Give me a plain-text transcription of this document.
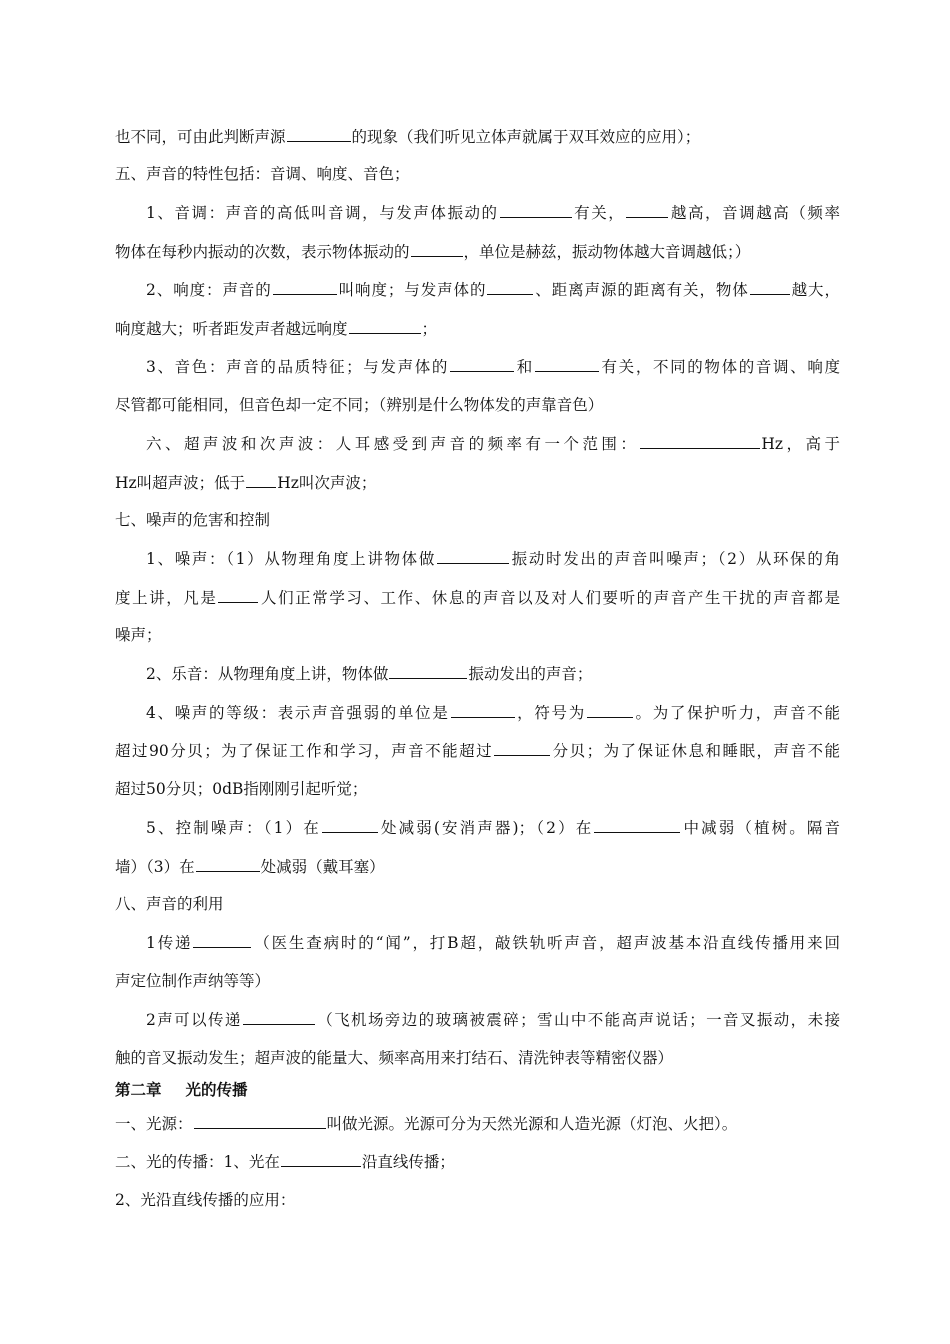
也不同，可由此判断声源	的现象（我们听见立体声就属于双耳效应的应用）；
五、声音的特性包括：音调、响度、音色；
1、音调：声音的高低叫音调，与发声体振动的	有关，	越高，音调越高（频率
物体在每秒内振动的次数，表示物体振动的	，单位是赫兹，振动物体越大音调越低；）
2、响度：声音的	叫响度；与发声体的	、距离声源的距离有关，物体	越大，
响度越大；听者距发声者越远响度	；
3、音色：声音的品质特征；与发声体的	和	有关，不同的物体的音调、响度
尽管都可能相同，但音色却一定不同；（辨别是什么物体发的声靠音色）
六、超声波和次声波：人耳感受到声音的频率有一个范围：	Hz，高于
Hz叫超声波；低于 Hz叫次声波；
七、噪声的危害和控制
1、噪声：（1）从物理角度上讲物体做	振动时发出的声音叫噪声；（2）从环保的角
度上讲，凡是	人们正常学习、工作、休息的声音以及对人们要听的声音产生干扰的声音都是
噪声；
2、乐音：从物理角度上讲，物体做	振动发出的声音；
4、噪声的等级：表示声音强弱的单位是	，符号为	。为了保护听力，声音不能
超过90分贝；为了保证工作和学习，声音不能超过	分贝；为了保证休息和睡眠，声音不能
超过50分贝；0dB指刚刚引起听觉；
5、控制噪声：（1）在	处减弱(安消声器)；（2）在	中减弱（植树。隔音
墙）（3）在	处减弱（戴耳塞）
八、声音的利用
1传递	（医生查病时的“闻”，打B超，敲铁轨听声音，超声波基本沿直线传播用来回
声定位制作声纳等等）
2声可以传递	（飞机场旁边的玻璃被震碎；雪山中不能高声说话；一音叉振动，未接
触的音叉振动发生；超声波的能量大、频率高用来打结石、清洗钟表等精密仪器）
第二章 光的传播
一、光源：	叫做光源。光源可分为天然光源和人造光源（灯泡、火把）。
二、光的传播：1、光在	沿直线传播；
2、光沿直线传播的应用：
